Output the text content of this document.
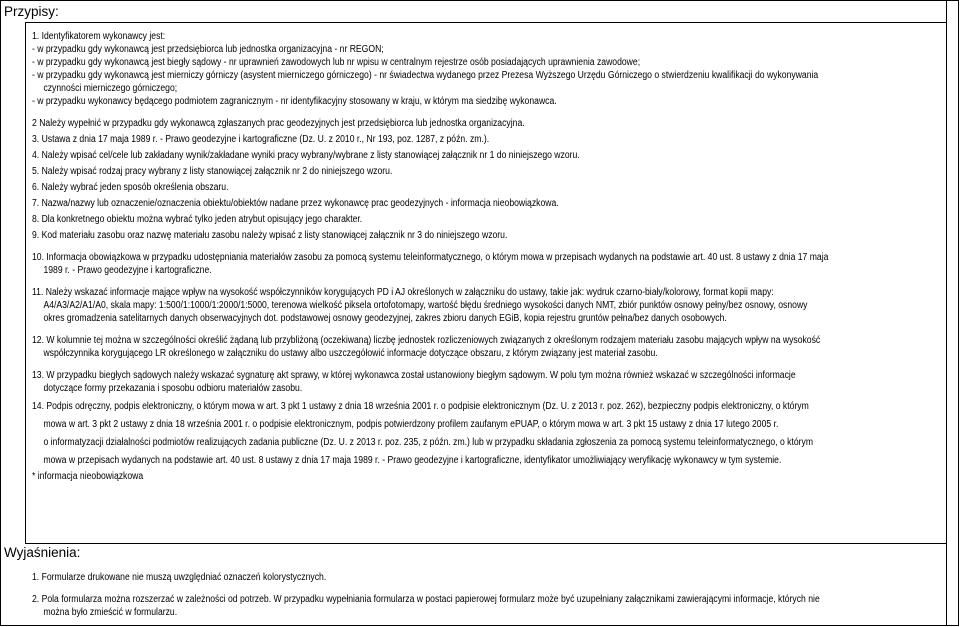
Przypisy:
Wyjaśnienia:

1. Identyfikatorem wykonawcy jest:

- w przypadku gdy wykonawcą jest przedsiębiorca lub jednostka organizacyjna - nr REGON;

- w przypadku gdy wykonawcą jest biegły sądowy - nr uprawnień zawodowych lub nr wpisu w centralnym rejestrze osób posiadających uprawnienia zawodowe;

- w przypadku gdy wykonawcą jest mierniczy górniczy (asystent mierniczego górniczego) - nr świadectwa wydanego przez Prezesa Wyższego Urzędu Górniczego o stwierdzeniu kwalifikacji do wykonywania

czynności mierniczego górniczego;

- w przypadku wykonawcy będącego podmiotem zagranicznym - nr identyfikacyjny stosowany w kraju, w którym ma siedzibę wykonawca.

2 Należy wypełnić w przypadku gdy wykonawcą zgłaszanych prac geodezyjnych jest przedsiębiorca lub jednostka organizacyjna.

3. Ustawa z dnia 17 maja 1989 r. - Prawo geodezyjne i kartograficzne (Dz. U. z 2010 r., Nr 193, poz. 1287, z późn. zm.).

4. Należy wpisać cel/cele lub zakładany wynik/zakładane wyniki pracy wybrany/wybrane z listy stanowiącej załącznik nr 1 do niniejszego wzoru.

5. Należy wpisać rodzaj pracy wybrany z listy stanowiącej załącznik nr 2 do niniejszego wzoru.

6. Należy wybrać jeden sposób określenia obszaru.

7. Nazwa/nazwy lub oznaczenie/oznaczenia obiektu/obiektów nadane przez wykonawcę prac geodezyjnych - informacja nieobowiązkowa.

8. Dla konkretnego obiektu można wybrać tylko jeden atrybut opisujący jego charakter.

9. Kod materiału zasobu oraz nazwę materiału zasobu należy wpisać z listy stanowiącej załącznik nr 3 do niniejszego wzoru.

10. Informacja obowiązkowa w przypadku udostępniania materiałów zasobu za pomocą systemu teleinformatycznego, o którym mowa w przepisach wydanych na podstawie art. 40 ust. 8 ustawy z dnia 17 maja

1989 r. - Prawo geodezyjne i kartograficzne.

11. Należy wskazać informacje mające wpływ na wysokość współczynników korygujących PD i AJ określonych w załączniku do ustawy, takie jak: wydruk czarno-biały/kolorowy, format kopii mapy:

A4/A3/A2/A1/A0, skala mapy: 1:500/1:1000/1:2000/1:5000, terenowa wielkość piksela ortofotomapy, wartość błędu średniego wysokości danych NMT, zbiór punktów osnowy pełny/bez osnowy, osnowy

okres gromadzenia satelitarnych danych obserwacyjnych dot. podstawowej osnowy geodezyjnej, zakres zbioru danych EGiB, kopia rejestru gruntów pełna/bez danych osobowych.

12. W kolumnie tej można w szczególności określić żądaną lub przybliżoną (oczekiwaną) liczbę jednostek rozliczeniowych związanych z określonym rodzajem materiału zasobu mających wpływ na wysokość

współczynnika korygującego LR określonego w załączniku do ustawy albo uszczegółowić informacje dotyczące obszaru, z którym związany jest materiał zasobu.

13. W przypadku biegłych sądowych należy wskazać sygnaturę akt sprawy, w której wykonawca został ustanowiony biegłym sądowym. W polu tym można również wskazać w szczególności informacje

dotyczące formy przekazania i sposobu odbioru materiałów zasobu.

14. Podpis odręczny, podpis elektroniczny, o którym mowa w art. 3 pkt 1 ustawy z dnia 18 września 2001 r. o podpisie elektronicznym (Dz. U. z 2013 r. poz. 262), bezpieczny podpis elektroniczny, o którym

mowa w art. 3 pkt 2 ustawy z dnia 18 września 2001 r. o podpisie elektronicznym, podpis potwierdzony profilem zaufanym ePUAP, o którym mowa w art. 3 pkt 15 ustawy z dnia 17 lutego 2005 r.

o informatyzacji działalności podmiotów realizujących zadania publiczne (Dz. U. z 2013 r. poz. 235, z późn. zm.) lub w przypadku składania zgłoszenia za pomocą systemu teleinformatycznego, o którym

mowa w przepisach wydanych na podstawie art. 40 ust. 8 ustawy z dnia 17 maja 1989 r. - Prawo geodezyjne i kartograficzne, identyfikator umożliwiający weryfikację wykonawcy w tym systemie.

* informacja nieobowiązkowa

1. Formularze drukowane nie muszą uwzględniać oznaczeń kolorystycznych.

2. Pola formularza można rozszerzać w zależności od potrzeb. W przypadku wypełniania formularza w postaci papierowej formularz może być uzupełniany załącznikami zawierającymi informacje, których nie

można było zmieścić w formularzu.
